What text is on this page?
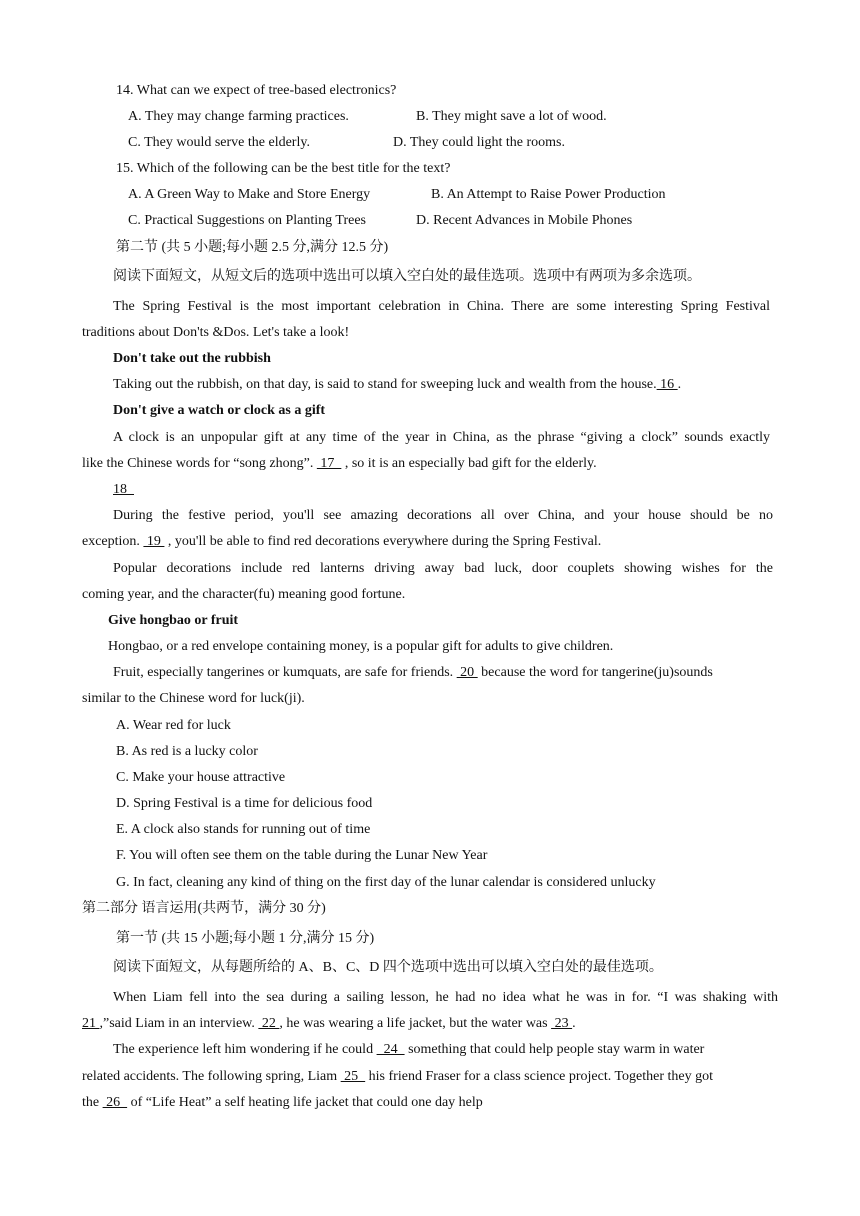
14. What can we expect of tree-based electronics?
A. They may change farming practices.	B. They might save a lot of wood.
C. They would serve the elderly.	D. They could light the rooms.
15. Which of the following can be the best title for the text?
A. A Green Way to Make and Store Energy	B. An Attempt to Raise Power Production
C. Practical Suggestions on Planting Trees	D. Recent Advances in Mobile Phones
第二节 (共 5 小题;每小题 2.5 分,满分 12.5 分)
阅读下面短文，从短文后的选项中选出可以填入空白处的最佳选项。选项中有两项为多余选项。
The Spring Festival is the most important celebration in China. There are some interesting Spring Festival
traditions about Don'ts &Dos. Let's take a look!
Don't take out the rubbish
Taking out the rubbish, on that day, is said to stand for sweeping luck and wealth from the house. 16 .
Don't give a watch or clock as a gift
A clock is an unpopular gift at any time of the year in China, as the phrase “giving a clock” sounds exactly
like the Chinese words for “song zhong”.  17   , so it is an especially bad gift for the elderly.
18
During the festive period, you'll see amazing decorations all over China, and your house should be no
exception.  19  , you'll be able to find red decorations everywhere during the Spring Festival.
Popular decorations include red lanterns driving away bad luck, door couplets showing wishes for the
coming year, and the character(fu) meaning good fortune.
Give hongbao or fruit
Hongbao, or a red envelope containing money, is a popular gift for adults to give children.
Fruit, especially tangerines or kumquats, are safe for friends.  20  because the word for tangerine(ju)sounds
similar to the Chinese word for luck(ji).
A. Wear red for luck
B. As red is a lucky color
C. Make your house attractive
D. Spring Festival is a time for delicious food
E. A clock also stands for running out of time
F. You will often see them on the table during the Lunar New Year
G. In fact, cleaning any kind of thing on the first day of the lunar calendar is considered unlucky
第二部分 语言运用(共两节，满分 30 分)
第一节 (共 15 小题;每小题 1 分,满分 15 分)
阅读下面短文，从每题所给的 A、B、C、D 四个选项中选出可以填入空白处的最佳选项。
When Liam fell into the sea during a sailing lesson, he had no idea what he was in for. “I was shaking with
21 ,”said Liam in an interview.  22 , he was wearing a life jacket, but the water was  23 .
The experience left him wondering if he could   24   something that could help people stay warm in water
related accidents. The following spring, Liam  25   his friend Fraser for a class science project. Together they got
the  26   of “Life Heat” a self heating life jacket that could one day help
